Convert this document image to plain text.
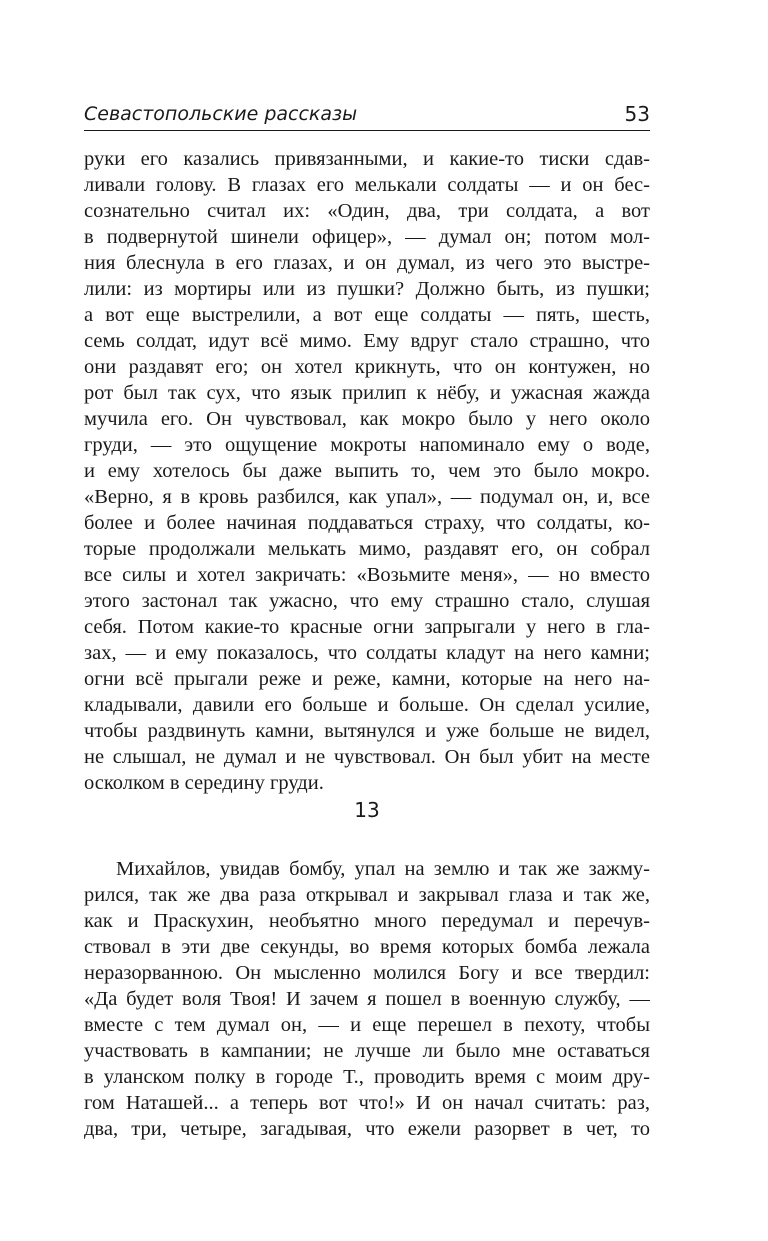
Севастопольские рассказы	53
руки его казались привязанными, и какие-то тиски сдав-
ливали голову. В глазах его мелькали солдаты — и он бес-
сознательно считал их: «Один, два, три солдата, а вот
в подвернутой шинели офицер», — думал он; потом мол-
ния блеснула в его глазах, и он думал, из чего это выстре-
лили: из мортиры или из пушки? Должно быть, из пушки;
а вот еще выстрелили, а вот еще солдаты — пять, шесть,
семь солдат, идут всё мимо. Ему вдруг стало страшно, что
они раздавят его; он хотел крикнуть, что он контужен, но
рот был так сух, что язык прилип к нёбу, и ужасная жажда
мучила его. Он чувствовал, как мокро было у него около
груди, — это ощущение мокроты напоминало ему о воде,
и ему хотелось бы даже выпить то, чем это было мокро.
«Верно, я в кровь разбился, как упал», — подумал он, и, все
более и более начиная поддаваться страху, что солдаты, ко-
торые продолжали мелькать мимо, раздавят его, он собрал
все силы и хотел закричать: «Возьмите меня», — но вместо
этого застонал так ужасно, что ему страшно стало, слушая
себя. Потом какие-то красные огни запрыгали у него в гла-
зах, — и ему показалось, что солдаты кладут на него камни;
огни всё прыгали реже и реже, камни, которые на него на-
кладывали, давили его больше и больше. Он сделал усилие,
чтобы раздвинуть камни, вытянулся и уже больше не видел,
не слышал, не думал и не чувствовал. Он был убит на месте
осколком в середину груди.
13
Михайлов, увидав бомбу, упал на землю и так же зажму-
рился, так же два раза открывал и закрывал глаза и так же,
как и Праскухин, необъятно много передумал и перечув-
ствовал в эти две секунды, во время которых бомба лежала
неразорванною. Он мысленно молился Богу и все твердил:
«Да будет воля Твоя! И зачем я пошел в военную службу, —
вместе с тем думал он, — и еще перешел в пехоту, чтобы
участвовать в кампании; не лучше ли было мне оставаться
в уланском полку в городе Т., проводить время с моим дру-
гом Наташей... а теперь вот что!» И он начал считать: раз,
два, три, четыре, загадывая, что ежели разорвет в чет, то
